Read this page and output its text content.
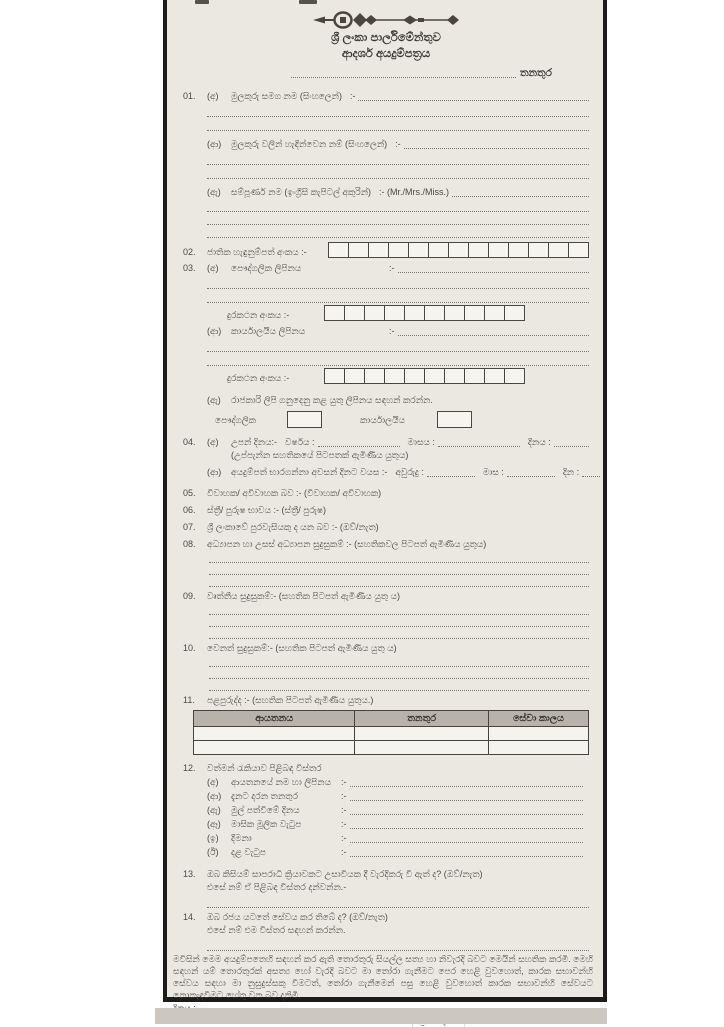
ශ්‍රී ලංකා පාර්ලිමේන්තුව
ආදර්ශ අයදුම්පත්‍රය
තනතුර
01.	(අ)	මුලකුරු සමග නම (සිංහලෙන්) :-
(ආ)	මුලකුරු වලින් හැඳින්වෙන නම් (සිංහලෙන්) :-
(ඇ)	සම්පූර්ණ නම (ඉංග්‍රීසි කැපිටල් අකුරින්) :- (Mr./Mrs./Miss.)
02.	ජාතික හැඳුනුම්පත් අංකය :-
03.	(අ)	පෞද්ගලික ලිපිනය	:-
දුරකථන අංකය :-
(ආ)	කාර්යාලයීය ලිපිනය	:-
දුරකථන අංකය :-
(ඇ)	රාජකාරි ලිපි ගනුදෙනු කළ යුතු ලිපිනය සඳහන් කරන්න.
පෞද්ගලික	කාර්යාලයීය
04.	(අ)	උපන් දිනය:- වර්ෂය :	මාසය :	දිනය :
(උප්පැන්න සහතිකයේ පිටපතක් ඇමිණිය යුතුය)
(ආ)	අයදුම්පත් භාරගන්නා අවසන් දිනට වයස :- අවුරුදු :	මාස :	දින :
05.	විවාහක/ අවිවාහක බව :- (විවාහක/ අවිවාහක)
06.	ස්ත්‍රී/ පුරුෂ භාවය :- (ස්ත්‍රී/ පුරුෂ)
07.	ශ්‍රී ලංකාවේ පුරවැසියකු ද යන බව :- (ඔව්/නැත)
08.	අධ්‍යාපන හා උසස් අධ්‍යාපන සුදුසුකම් :- (සහතිකවල පිටපත් ඇමිණිය යුතුය)
09.	වෘත්තීය සුදුසුකම්:- (සහතික පිටපත් ඇමිණිය යුතු ය)
10.	වෙනත් සුදුසුකම්:- (සහතික පිටපත් ඇමිණිය යුතු ය)
11.	පළපුරුද්ද :- (සහතික පිටපත් ඇමිණිය යුතුය.)
ආයතනය	තනතුර	සේවා කාලය

12.	වත්මන් රැකියාව පිළිබඳ විස්තර
(අ)	ආයතනයේ නම හා ලිපිනය :-
(ආ)	දැනට දරන තනතුර	:-
(ඇ)	මුල් පත්වීමේ දිනය	:-
(ඈ)	මාසික මූලික වැටුප	:-
(ඉ)	දීමනා	:-
(ඊ)	දළ වැටුප	:-
13.	ඔබ කිසියම් සාපරාධි ක්‍රියාවකට උසාවියක දී වැරදිකරු වී ඇත් ද? (ඔව්/නැත)
එසේ නම් ඒ පිළිබඳ විස්තර දන්වන්න.-
14.	ඔබ රජය යටතේ සේවය කර තිබේ ද? (ඔව්/නැත)
එසේ නම් එම විස්තර සඳහන් කරන්න.
මවිසින් මෙම අයදුම්පතෙහි සඳහන් කර ඇති තොරතුරු සියල්ල සත්‍ය හා නිවැරදි බවට මෙයින් සහතික කරමි. මෙහි සඳහන් යම් තොරතුරක් අසත්‍ය හෝ වැරදි බවට මා තෝරා ගැනීමට පෙර හෙළි වුවහොත්, කාරක සභාවන්හි සේවය සඳහා මා නුසුදුස්සකු වීමටත්, තෝරා ගැනීමෙන් පසු හෙළි වුවහොත් කාරක සභාවන්හි සේවයට නොකැඳවීමට හේතු වන බව දනිමි.
